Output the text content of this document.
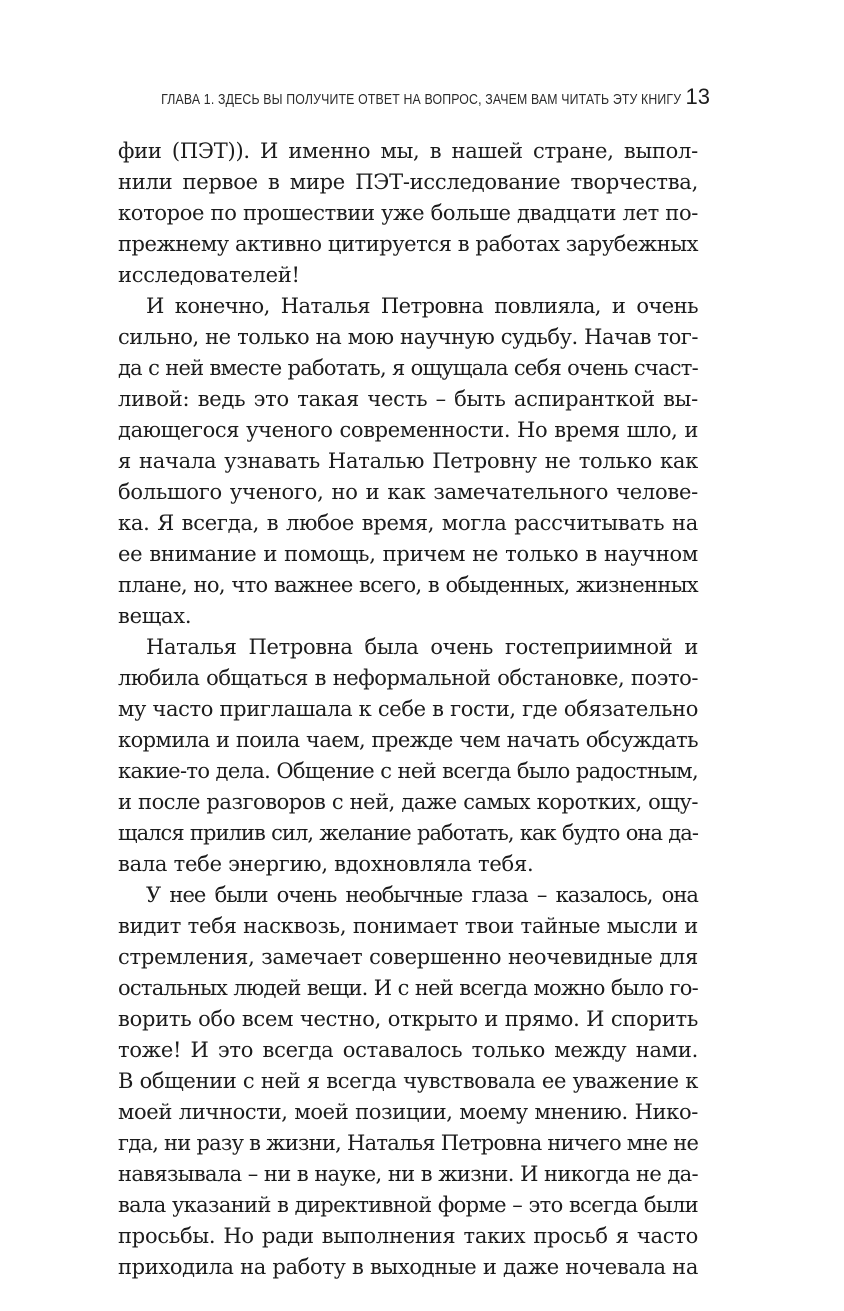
ГЛАВА 1. ЗДЕСЬ ВЫ ПОЛУЧИТЕ ОТВЕТ НА ВОПРОС, ЗАЧЕМ ВАМ ЧИТАТЬ ЭТУ КНИГУ 13

фии (ПЭТ)). И именно мы, в нашей стране, выпол-
нили первое в мире ПЭТ-исследование творчества,
которое по прошествии уже больше двадцати лет по-
прежнему активно цитируется в работах зарубежных
исследователей!

И конечно, Наталья Петровна повлияла, и очень
сильно, не только на мою научную судьбу. Начав тог-
да с ней вместе работать, я ощущала себя очень счаст-
ливой: ведь это такая честь – быть аспиранткой вы-
дающегося ученого современности. Но время шло, и
я начала узнавать Наталью Петровну не только как
большого ученого, но и как замечательного челове-
ка. Я всегда, в любое время, могла рассчитывать на
ее внимание и помощь, причем не только в научном
плане, но, что важнее всего, в обыденных, жизненных
вещах.

Наталья Петровна была очень гостеприимной и
любила общаться в неформальной обстановке, поэто-
му часто приглашала к себе в гости, где обязательно
кормила и поила чаем, прежде чем начать обсуждать
какие-то дела. Общение с ней всегда было радостным,
и после разговоров с ней, даже самых коротких, ощу-
щался прилив сил, желание работать, как будто она да-
вала тебе энергию, вдохновляла тебя.

У нее были очень необычные глаза – казалось, она
видит тебя насквозь, понимает твои тайные мысли и
стремления, замечает совершенно неочевидные для
остальных людей вещи. И с ней всегда можно было го-
ворить обо всем честно, открыто и прямо. И спорить
тоже! И это всегда оставалось только между нами.
В общении с ней я всегда чувствовала ее уважение к
моей личности, моей позиции, моему мнению. Нико-
гда, ни разу в жизни, Наталья Петровна ничего мне не
навязывала – ни в науке, ни в жизни. И никогда не да-
вала указаний в директивной форме – это всегда были
просьбы. Но ради выполнения таких просьб я часто
приходила на работу в выходные и даже ночевала на
